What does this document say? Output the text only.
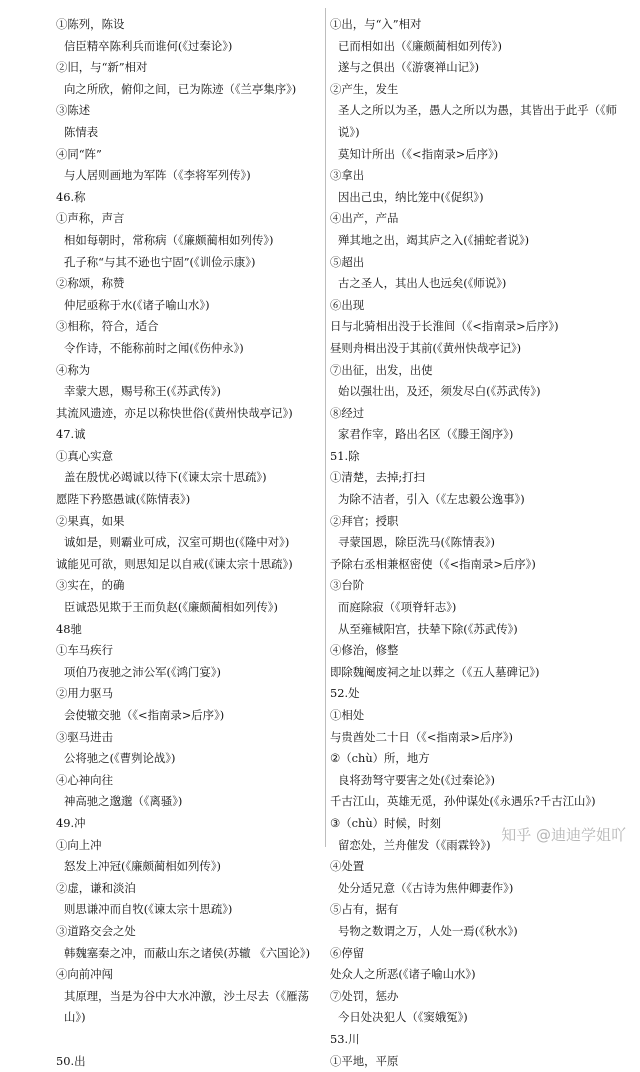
①陈列，陈设
信臣精卒陈利兵而谁何(《过秦论》)
②旧，与“新”相对
向之所欣，俯仰之间，已为陈迹（《兰亭集序》)
③陈述
陈情表
④同“阵”
与人居则画地为军阵（《李将军列传》)
46.称
①声称，声言
相如每朝时，常称病（《廉颇蔺相如列传》)
孔子称“与其不逊也宁固”(《训俭示康》)
②称颂，称赞
仲尼亟称于水(《诸子喻山水》)
③相称，符合，适合
令作诗，不能称前时之闻(《伤仲永》)
④称为
幸蒙大恩，赐号称王(《苏武传》)
其流风遗迹，亦足以称快世俗(《黄州快哉亭记》)
47.诚
①真心实意
盖在殷忧必竭诚以待下(《谏太宗十思疏》)
愿陛下矜愍愚诚(《陈情表》)
②果真，如果
诚如是，则霸业可成，汉室可期也(《隆中对》)
诚能见可欲，则思知足以自戒(《谏太宗十思疏》)
③实在，的确
臣诚恐见欺于王而负赵(《廉颇蔺相如列传》)
48驰
①车马疾行
项伯乃夜驰之沛公军(《鸿门宴》)
②用力驱马
会使辙交驰（《<指南录>后序》)
③驱马进击
公将驰之(《曹刿论战》)
④心神向往
神高驰之邈邈（《离骚》)
49.冲
①向上冲
怒发上冲冠(《廉颇蔺相如列传》)
②虚，谦和淡泊
则思谦冲而自牧(《谏太宗十思疏》)
③道路交会之处
韩魏塞秦之冲，而蔽山东之诸侯(苏辙 《六国论》)
④向前冲闯
其原理，当是为谷中大水冲激，沙土尽去（《雁荡山》)
50.出
①出，与“入”相对
已而相如出（《廉颇蔺相如列传》)
遂与之俱出（《游褒禅山记》)
②产生，发生
圣人之所以为圣，愚人之所以为愚，其皆出于此乎（《师说》)
莫知计所出（《<指南录>后序》)
③拿出
因出己虫，纳比笼中(《促织》)
④出产，产品
殚其地之出，竭其庐之入(《捕蛇者说》)
⑤超出
古之圣人，其出人也远矣(《师说》)
⑥出现
日与北骑相出没于长淮间（《<指南录>后序》)
昼则舟楫出没于其前(《黄州快哉亭记》)
⑦出征，出发，出使
始以强壮出，及还，须发尽白(《苏武传》)
⑧经过
家君作宰，路出名区（《滕王阁序》)
51.除
①清楚，去掉;打扫
为除不洁者，引入（《左忠毅公逸事》)
②拜官；授职
寻蒙国恩，除臣洗马(《陈情表》)
予除右丞相兼枢密使（《<指南录>后序》)
③台阶
而庭除寂（《项脊轩志》)
从至雍棫阳宫，扶辇下除(《苏武传》)
④修治，修整
即除魏阉废祠之址以葬之（《五人墓碑记》)
52.处
①相处
与贵酋处二十日（《<指南录>后序》)
②（chù）所，地方
良将劲弩守要害之处(《过秦论》)
千古江山，英雄无觅，孙仲谋处(《永遇乐?千古江山》)
③（chù）时候，时刻
留恋处，兰舟催发（《雨霖铃》)
④处置
处分适兄意（《古诗为焦仲卿妻作》)
⑤占有，据有
号物之数谓之万，人处一焉(《秋水》)
⑥停留
处众人之所恶(《诸子喻山水》)
⑦处罚，惩办
今日处决犯人（《窦娥冤》)
53.川
①平地，平原
知乎 @迪迪学姐吖
